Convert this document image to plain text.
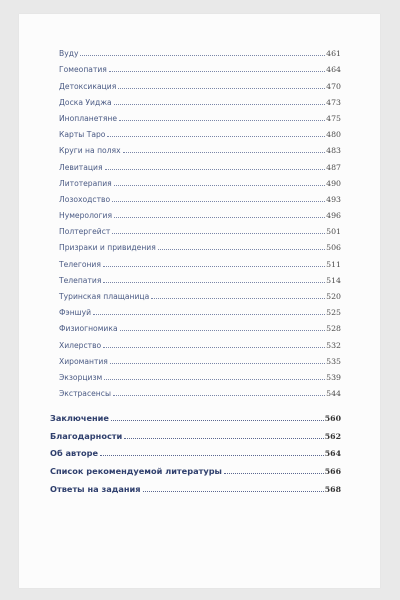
Вуду	461
Гомеопатия	464
Детоксикация	470
Доска Уиджа	473
Инопланетяне	475
Карты Таро	480
Круги на полях	483
Левитация	487
Литотерапия	490
Лозоходство	493
Нумерология	496
Полтергейст	501
Призраки и привидения	506
Телегония	511
Телепатия	514
Туринская плащаница	520
Фэншуй	525
Физиогномика	528
Хилерство	532
Хиромантия	535
Экзорцизм	539
Экстрасенсы	544
Заключение	560
Благодарности	562
Об авторе	564
Список рекомендуемой литературы	566
Ответы на задания	568
